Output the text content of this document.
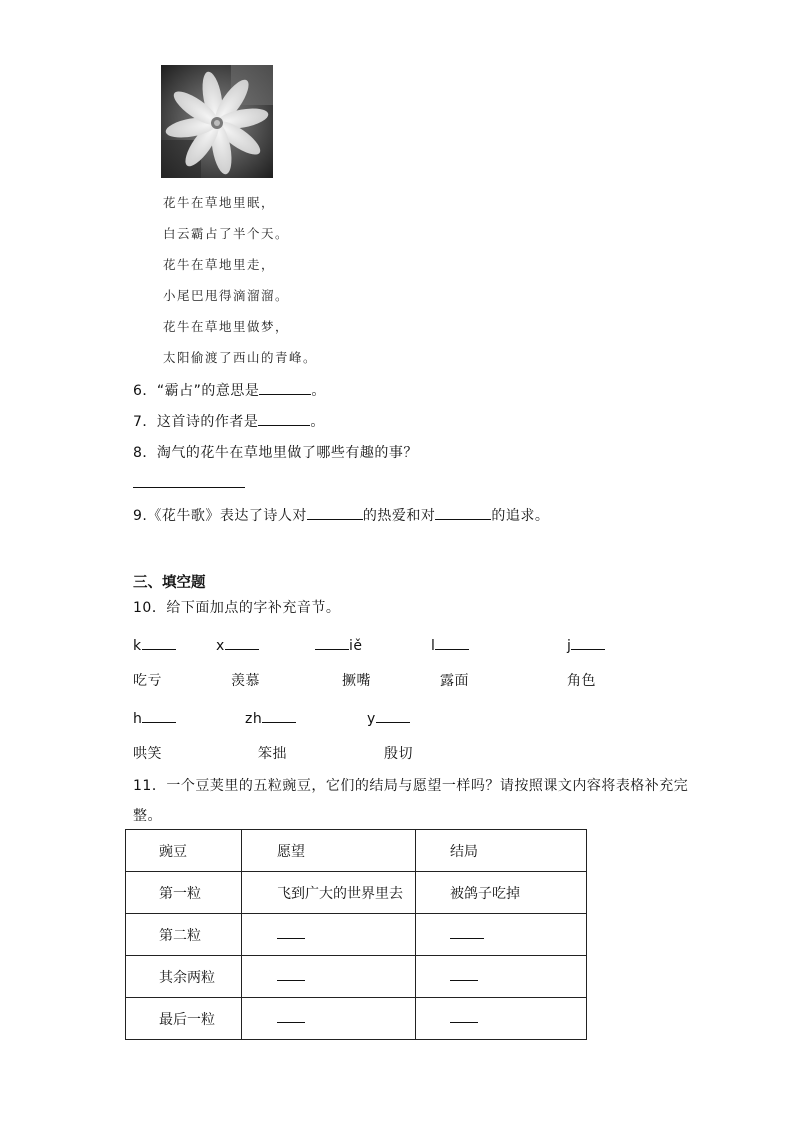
花牛在草地里眠，
白云霸占了半个天。
花牛在草地里走，
小尾巴甩得滴溜溜。
花牛在草地里做梦，
太阳偷渡了西山的青峰。
6．“霸占”的意思是	。
7．这首诗的作者是	。
8．淘气的花牛在草地里做了哪些有趣的事？
9.《花牛歌》表达了诗人对	的热爱和对	的追求。
三、填空题
10．给下面加点的字补充音节。
k	x	iě	l	j
吃亏	羡慕	撅嘴	露面	角色
h	zh	y
哄笑	笨拙	殷切
11．一个豆荚里的五粒豌豆，它们的结局与愿望一样吗？请按照课文内容将表格补充完
整。
豌豆	愿望	结局
第一粒	飞到广大的世界里去	被鸽子吃掉
第二粒		
其余两粒		
最后一粒		
